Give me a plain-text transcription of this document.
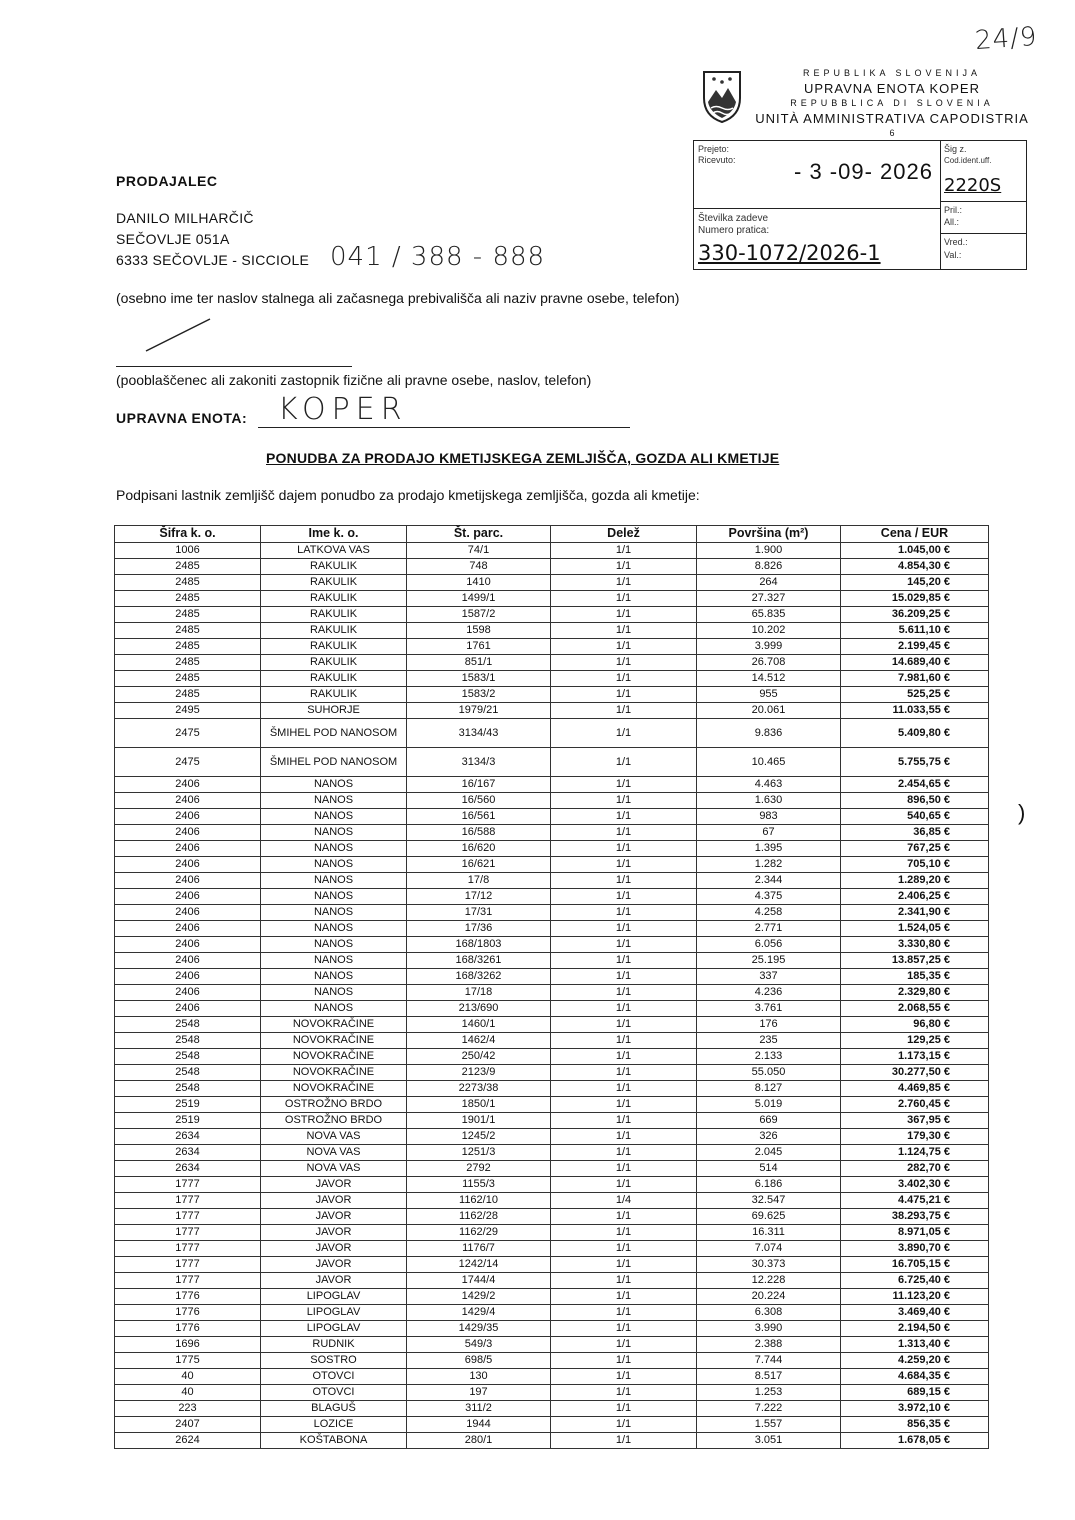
24/9
REPUBLIKA SLOVENIJA
UPRAVNA ENOTA KOPER
REPUBBLICA DI SLOVENIA
UNITÀ AMMINISTRATIVA CAPODISTRIA
6
Prejeto:
Ricevuto:	- 3 -09- 2026
Številka zadeve
Numero pratica:
330-1072/2026-1
Šig z.
Cod.ident.uff.
2220S
Pril.:
All.:
Vred.:
Val.:
PRODAJALEC
DANILO MILHARČIČ
SEČOVLJE 051A
6333 SEČOVLJE - SICCIOLE 041 / 388 - 888
(osebno ime ter naslov stalnega ali začasnega prebivališča ali naziv pravne osebe, telefon)
(pooblaščenec ali zakoniti zastopnik fizične ali pravne osebe, naslov, telefon)
UPRAVNA ENOTA: KOPER
PONUDBA ZA PRODAJO KMETIJSKEGA ZEMLJIŠČA, GOZDA ALI KMETIJE
Podpisani lastnik zemljišč dajem ponudbo za prodajo kmetijskega zemljišča, gozda ali kmetije:
Šifra k. o.	Ime k. o.	Št. parc.	Delež	Površina (m²)	Cena / EUR
1006	LATKOVA VAS	74/1	1/1	1.900	1.045,00 €
2485	RAKULIK	748	1/1	8.826	4.854,30 €
2485	RAKULIK	1410	1/1	264	145,20 €
2485	RAKULIK	1499/1	1/1	27.327	15.029,85 €
2485	RAKULIK	1587/2	1/1	65.835	36.209,25 €
2485	RAKULIK	1598	1/1	10.202	5.611,10 €
2485	RAKULIK	1761	1/1	3.999	2.199,45 €
2485	RAKULIK	851/1	1/1	26.708	14.689,40 €
2485	RAKULIK	1583/1	1/1	14.512	7.981,60 €
2485	RAKULIK	1583/2	1/1	955	525,25 €
2495	SUHORJE	1979/21	1/1	20.061	11.033,55 €
2475	ŠMIHEL POD NANOSOM	3134/43	1/1	9.836	5.409,80 €
2475	ŠMIHEL POD NANOSOM	3134/3	1/1	10.465	5.755,75 €
2406	NANOS	16/167	1/1	4.463	2.454,65 €
2406	NANOS	16/560	1/1	1.630	896,50 €
2406	NANOS	16/561	1/1	983	540,65 €
2406	NANOS	16/588	1/1	67	36,85 €
2406	NANOS	16/620	1/1	1.395	767,25 €
2406	NANOS	16/621	1/1	1.282	705,10 €
2406	NANOS	17/8	1/1	2.344	1.289,20 €
2406	NANOS	17/12	1/1	4.375	2.406,25 €
2406	NANOS	17/31	1/1	4.258	2.341,90 €
2406	NANOS	17/36	1/1	2.771	1.524,05 €
2406	NANOS	168/1803	1/1	6.056	3.330,80 €
2406	NANOS	168/3261	1/1	25.195	13.857,25 €
2406	NANOS	168/3262	1/1	337	185,35 €
2406	NANOS	17/18	1/1	4.236	2.329,80 €
2406	NANOS	213/690	1/1	3.761	2.068,55 €
2548	NOVOKRAČINE	1460/1	1/1	176	96,80 €
2548	NOVOKRAČINE	1462/4	1/1	235	129,25 €
2548	NOVOKRAČINE	250/42	1/1	2.133	1.173,15 €
2548	NOVOKRAČINE	2123/9	1/1	55.050	30.277,50 €
2548	NOVOKRAČINE	2273/38	1/1	8.127	4.469,85 €
2519	OSTROŽNO BRDO	1850/1	1/1	5.019	2.760,45 €
2519	OSTROŽNO BRDO	1901/1	1/1	669	367,95 €
2634	NOVA VAS	1245/2	1/1	326	179,30 €
2634	NOVA VAS	1251/3	1/1	2.045	1.124,75 €
2634	NOVA VAS	2792	1/1	514	282,70 €
1777	JAVOR	1155/3	1/1	6.186	3.402,30 €
1777	JAVOR	1162/10	1/4	32.547	4.475,21 €
1777	JAVOR	1162/28	1/1	69.625	38.293,75 €
1777	JAVOR	1162/29	1/1	16.311	8.971,05 €
1777	JAVOR	1176/7	1/1	7.074	3.890,70 €
1777	JAVOR	1242/14	1/1	30.373	16.705,15 €
1777	JAVOR	1744/4	1/1	12.228	6.725,40 €
1776	LIPOGLAV	1429/2	1/1	20.224	11.123,20 €
1776	LIPOGLAV	1429/4	1/1	6.308	3.469,40 €
1776	LIPOGLAV	1429/35	1/1	3.990	2.194,50 €
1696	RUDNIK	549/3	1/1	2.388	1.313,40 €
1775	SOSTRO	698/5	1/1	7.744	4.259,20 €
40	OTOVCI	130	1/1	8.517	4.684,35 €
40	OTOVCI	197	1/1	1.253	689,15 €
223	BLAGUŠ	311/2	1/1	7.222	3.972,10 €
2407	LOZICE	1944	1/1	1.557	856,35 €
2624	KOŠTABONA	280/1	1/1	3.051	1.678,05 €
)
